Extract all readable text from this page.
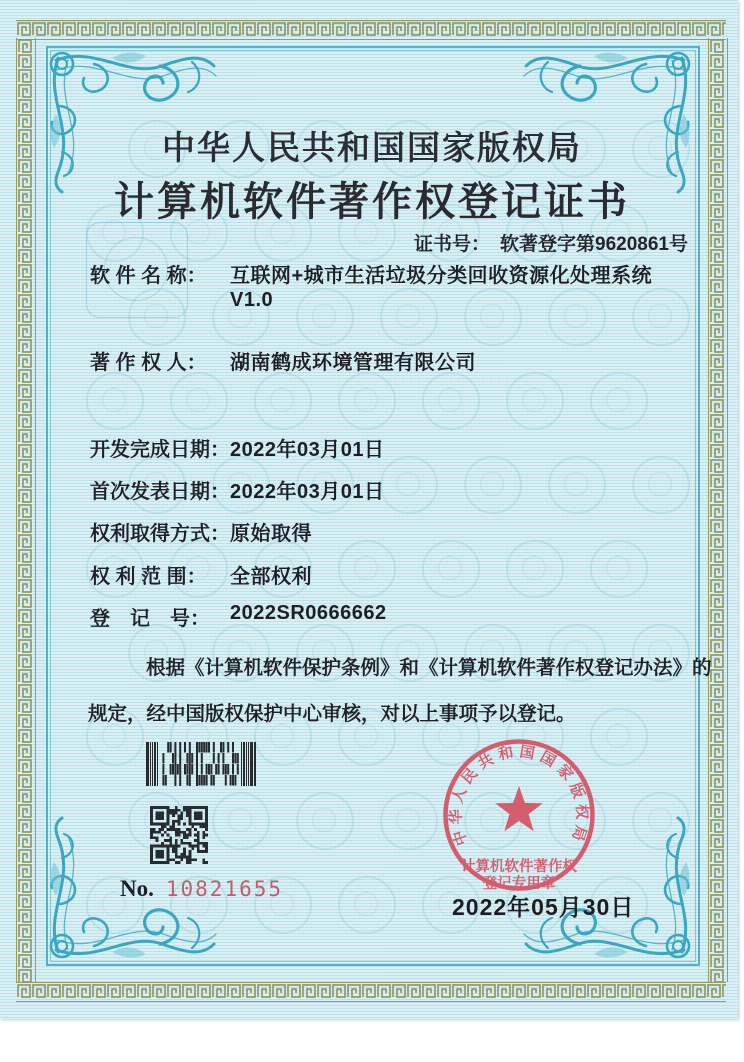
中华人民共和国国家版权局
计算机软件著作权登记证书
证书号： 软著登字第9620861号
软 件 名 称： 互联网+城市生活垃圾分类回收资源化处理系统
V1.0
著 作 权 人： 湖南鹤成环境管理有限公司
开发完成日期： 2022年03月01日
首次发表日期： 2022年03月01日
权利取得方式： 原始取得
权 利 范 围： 全部权利
登　记　号： 2022SR0666662
根据《计算机软件保护条例》和《计算机软件著作权登记办法》的
规定，经中国版权保护中心审核，对以上事项予以登记。
No. 10821655
中华人民共和国国家版权局
计算机软件著作权
登记专用章
2022年05月30日
